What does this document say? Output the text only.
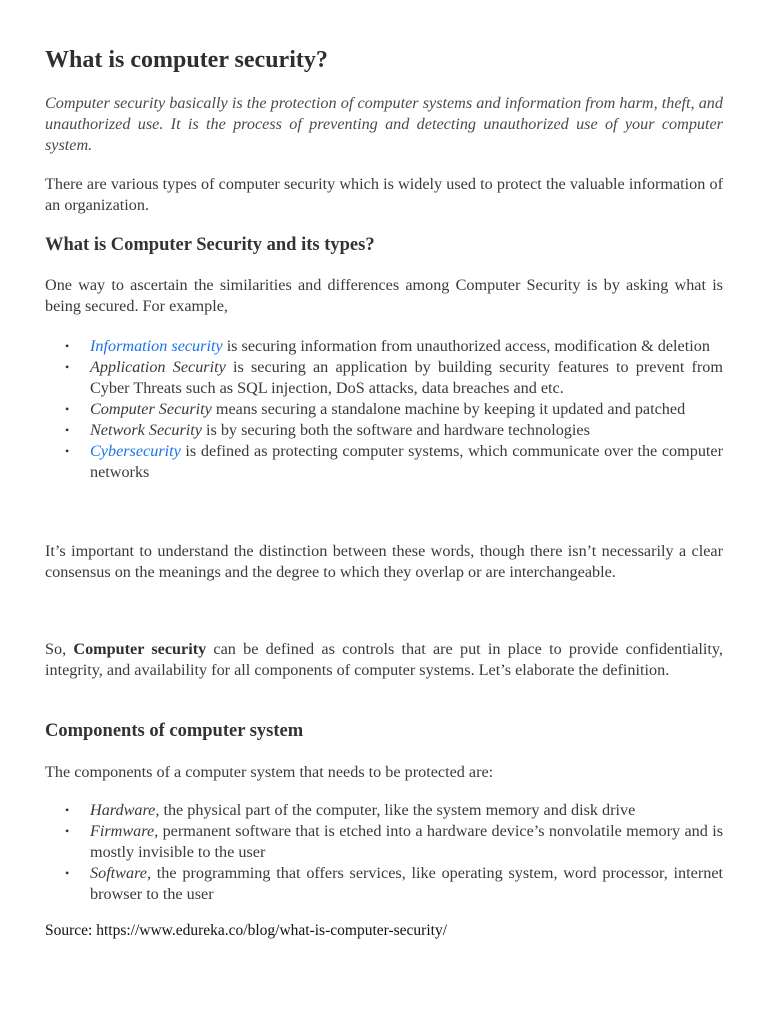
What is computer security?

Computer security basically is the protection of computer systems and information from harm, theft, and unauthorized use. It is the process of preventing and detecting unauthorized use of your computer system.

There are various types of computer security which is widely used to protect the valuable information of an organization.

What is Computer Security and its types?

One way to ascertain the similarities and differences among Computer Security is by asking what is being secured. For example,

• Information security is securing information from unauthorized access, modification & deletion
• Application Security is securing an application by building security features to prevent from Cyber Threats such as SQL injection, DoS attacks, data breaches and etc.
• Computer Security means securing a standalone machine by keeping it updated and patched
• Network Security is by securing both the software and hardware technologies
• Cybersecurity is defined as protecting computer systems, which communicate over the computer networks

It’s important to understand the distinction between these words, though there isn’t necessarily a clear consensus on the meanings and the degree to which they overlap or are interchangeable.

So, Computer security can be defined as controls that are put in place to provide confidentiality, integrity, and availability for all components of computer systems. Let’s elaborate the definition.
Components of computer system

The components of a computer system that needs to be protected are:

• Hardware, the physical part of the computer, like the system memory and disk drive
• Firmware, permanent software that is etched into a hardware device’s nonvolatile memory and is mostly invisible to the user
• Software, the programming that offers services, like operating system, word processor, internet browser to the user
Source: https://www.edureka.co/blog/what-is-computer-security/
